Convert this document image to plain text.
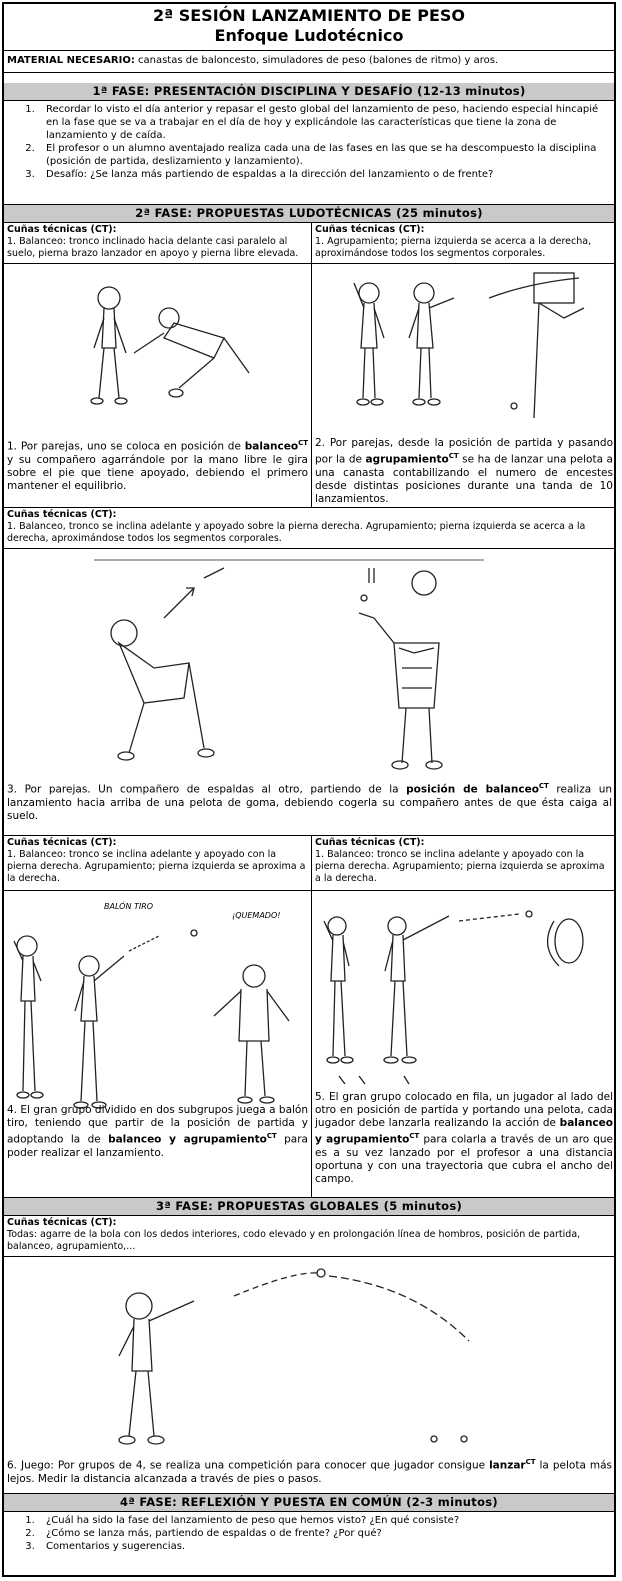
2ª SESIÓN LANZAMIENTO DE PESO
Enfoque Ludotécnico
MATERIAL NECESARIO: canastas de baloncesto, simuladores de peso (balones de ritmo) y aros.
1ª FASE: PRESENTACIÓN DISCIPLINA Y DESAFÍO (12-13 minutos)
1. Recordar lo visto el día anterior y repasar el gesto global del lanzamiento de peso, haciendo especial hincapié en la fase que se va a trabajar en el día de hoy y explicándole las características que tiene la zona de lanzamiento y de caída.
2. El profesor o un alumno aventajado realiza cada una de las fases en las que se ha descompuesto la disciplina (posición de partida, deslizamiento y lanzamiento).
3. Desafío: ¿Se lanza más partiendo de espaldas a la dirección del lanzamiento o de frente?
2ª FASE: PROPUESTAS LUDOTÉCNICAS (25 minutos)
Cuñas técnicas (CT):
1. Balanceo: tronco inclinado hacia delante casi paralelo al suelo, pierna brazo lanzador en apoyo y pierna libre elevada.
Cuñas técnicas (CT):
1. Agrupamiento; pierna izquierda se acerca a la derecha, aproximándose todos los segmentos corporales.
1. Por parejas, uno se coloca en posición de balanceo$^{CT}$ y su compañero agarrándole por la mano libre le gira sobre el pie que tiene apoyado, debiendo el primero mantener el equilibrio.
2. Por parejas, desde la posición de partida y pasando por la de agrupamiento$^{CT}$ se ha de lanzar una pelota a una canasta contabilizando el numero de encestes desde distintas posiciones durante una tanda de 10 lanzamientos.
Cuñas técnicas (CT):
1. Balanceo, tronco se inclina adelante y apoyado sobre la pierna derecha. Agrupamiento; pierna izquierda se acerca a la derecha, aproximándose todos los segmentos corporales.
3. Por parejas. Un compañero de espaldas al otro, partiendo de la posición de balanceo$^{CT}$ realiza un lanzamiento hacia arriba de una pelota de goma, debiendo cogerla su compañero antes de que ésta caiga al suelo.
Cuñas técnicas (CT):
1. Balanceo: tronco se inclina adelante y apoyado con la pierna derecha. Agrupamiento; pierna izquierda se aproxima a la derecha.
Cuñas técnicas (CT):
1. Balanceo: tronco se inclina adelante y apoyado con la pierna derecha. Agrupamiento; pierna izquierda se aproxima a la derecha.
BALÓN TIRO
¡QUEMADO!
4. El gran grupo dividido en dos subgrupos juega a balón tiro, teniendo que partir de la posición de partida y adoptando la de balanceo y agrupamiento$^{CT}$ para poder realizar el lanzamiento.
5. El gran grupo colocado en fila, un jugador al lado del otro en posición de partida y portando una pelota, cada jugador debe lanzarla realizando la acción de balanceo y agrupamiento$^{CT}$ para colarla a través de un aro que es a su vez lanzado por el profesor a una distancia oportuna y con una trayectoria que cubra el ancho del campo.
3ª FASE: PROPUESTAS GLOBALES (5 minutos)
Cuñas técnicas (CT):
Todas: agarre de la bola con los dedos interiores, codo elevado y en prolongación línea de hombros, posición de partida, balanceo, agrupamiento,...
6. Juego: Por grupos de 4, se realiza una competición para conocer que jugador consigue lanzar$^{CT}$ la pelota más lejos. Medir la distancia alcanzada a través de pies o pasos.
4ª FASE: REFLEXIÓN Y PUESTA EN COMÚN (2-3 minutos)
1. ¿Cuál ha sido la fase del lanzamiento de peso que hemos visto? ¿En qué consiste?
2. ¿Cómo se lanza más, partiendo de espaldas o de frente? ¿Por qué?
3. Comentarios y sugerencias.
